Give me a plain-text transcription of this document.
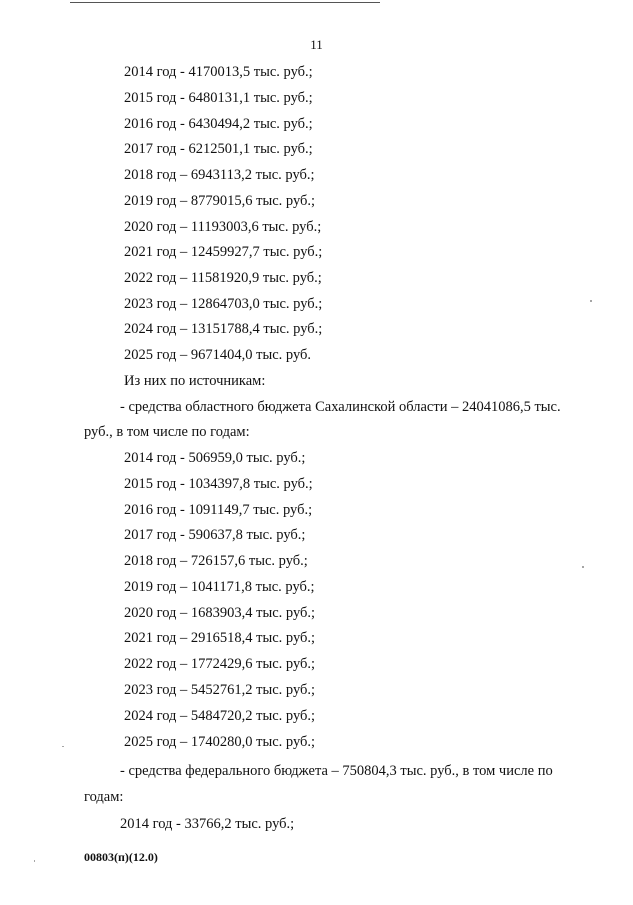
11
2014 год - 4170013,5 тыс. руб.;
2015 год - 6480131,1 тыс. руб.;
2016 год - 6430494,2 тыс. руб.;
2017 год - 6212501,1 тыс. руб.;
2018 год – 6943113,2 тыс. руб.;
2019 год – 8779015,6 тыс. руб.;
2020 год – 11193003,6 тыс. руб.;
2021 год – 12459927,7 тыс. руб.;
2022 год – 11581920,9 тыс. руб.;
2023 год – 12864703,0 тыс. руб.;
2024 год – 13151788,4 тыс. руб.;
2025 год – 9671404,0 тыс. руб.
Из них по источникам:
- средства областного бюджета Сахалинской области – 24041086,5 тыс.
руб., в том числе по годам:
2014 год - 506959,0 тыс. руб.;
2015 год - 1034397,8 тыс. руб.;
2016 год - 1091149,7 тыс. руб.;
2017 год - 590637,8 тыс. руб.;
2018 год – 726157,6 тыс. руб.;
2019 год – 1041171,8 тыс. руб.;
2020 год – 1683903,4 тыс. руб.;
2021 год – 2916518,4 тыс. руб.;
2022 год – 1772429,6 тыс. руб.;
2023 год – 5452761,2 тыс. руб.;
2024 год – 5484720,2 тыс. руб.;
2025 год – 1740280,0 тыс. руб.;
- средства федерального бюджета – 750804,3 тыс. руб., в том числе по
годам:
2014 год - 33766,2 тыс. руб.;
00803(п)(12.0)
